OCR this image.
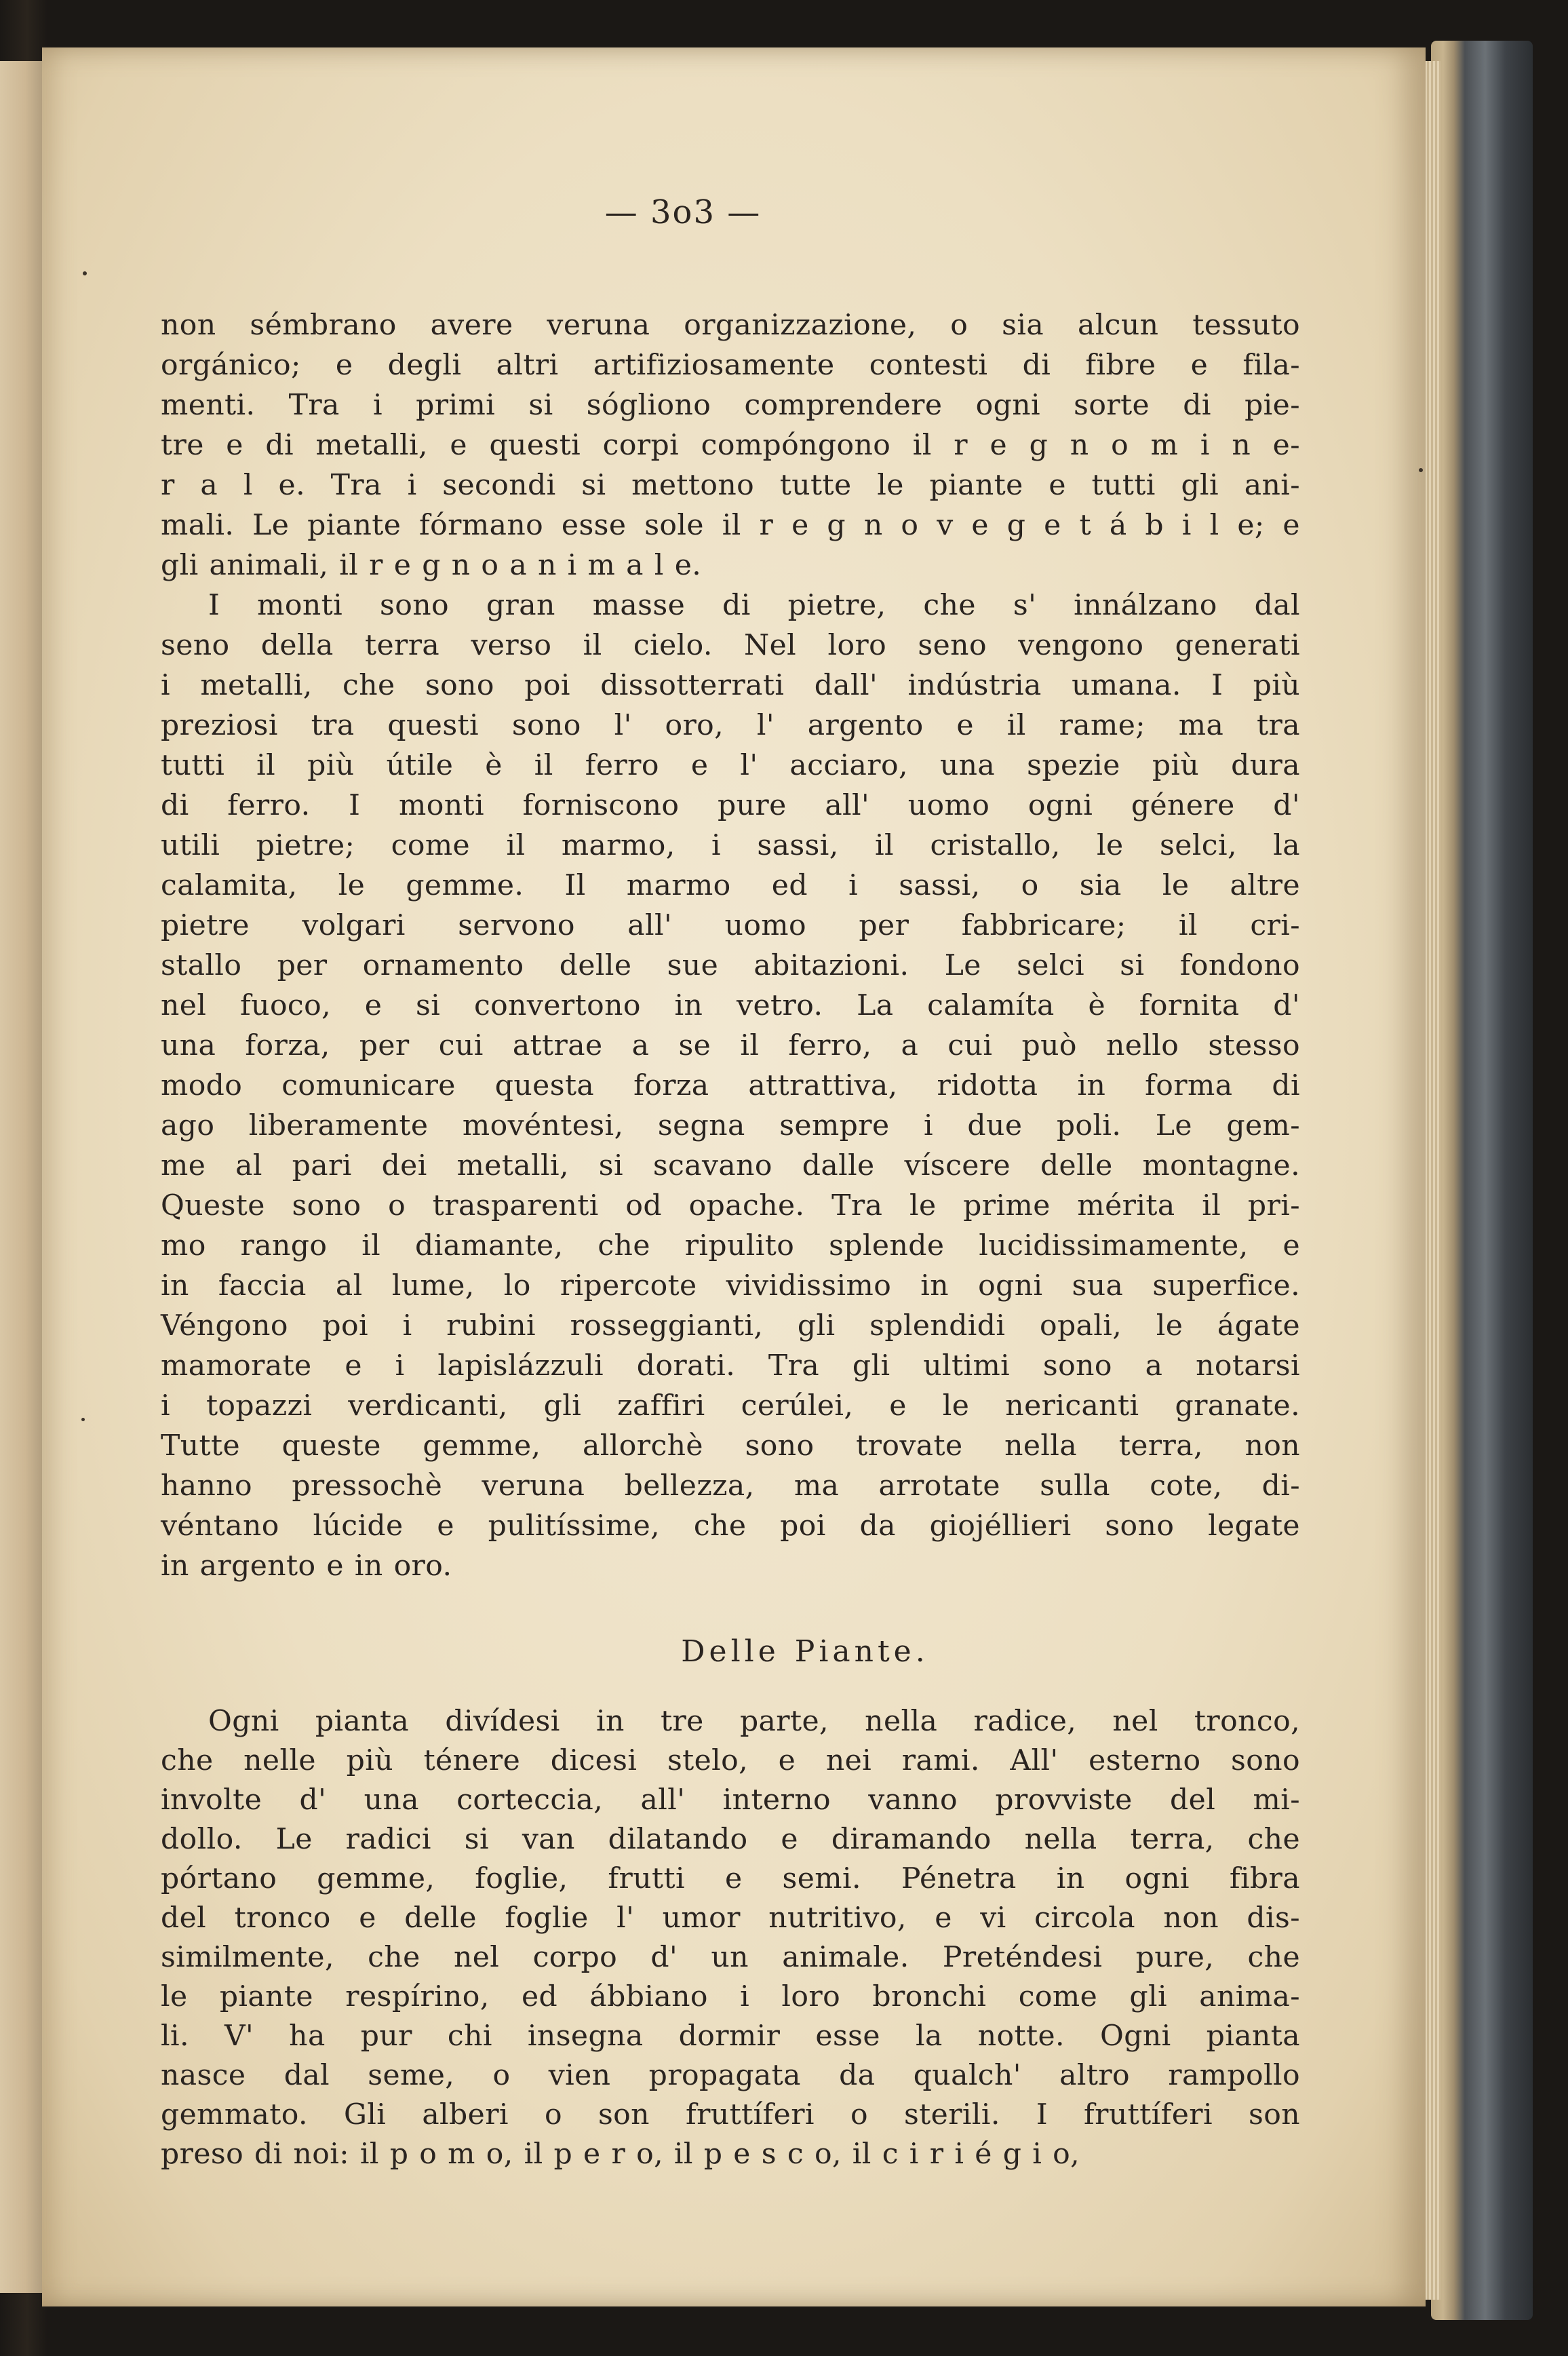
— 3o3 —
non sémbrano avere veruna organizzazione, o sia alcun tessuto
orgánico; e degli altri artifiziosamente contesti di fibre e fila-
menti. Tra i primi si sógliono comprendere ogni sorte di pie-
tre e di metalli, e questi corpi compóngono il r e g n o m i n e-
r a l e. Tra i secondi si mettono tutte le piante e tutti gli ani-
mali. Le piante fórmano esse sole il r e g n o v e g e t á b i l e; e
gli animali, il r e g n o a n i m a l e.
I monti sono gran masse di pietre, che s' innálzano dal
seno della terra verso il cielo. Nel loro seno vengono generati
i metalli, che sono poi dissotterrati dall' indústria umana. I più
preziosi tra questi sono l' oro, l' argento e il rame; ma tra
tutti il più útile è il ferro e l' acciaro, una spezie più dura
di ferro. I monti forniscono pure all' uomo ogni génere d'
utili pietre; come il marmo, i sassi, il cristallo, le selci, la
calamita, le gemme. Il marmo ed i sassi, o sia le altre
pietre volgari servono all' uomo per fabbricare; il cri-
stallo per ornamento delle sue abitazioni. Le selci si fondono
nel fuoco, e si convertono in vetro. La calamíta è fornita d'
una forza, per cui attrae a se il ferro, a cui può nello stesso
modo comunicare questa forza attrattiva, ridotta in forma di
ago liberamente movéntesi, segna sempre i due poli. Le gem-
me al pari dei metalli, si scavano dalle víscere delle montagne.
Queste sono o trasparenti od opache. Tra le prime mérita il pri-
mo rango il diamante, che ripulito splende lucidissimamente, e
in faccia al lume, lo ripercote vividissimo in ogni sua superfice.
Véngono poi i rubini rosseggianti, gli splendidi opali, le ágate
mamorate e i lapislázzuli dorati. Tra gli ultimi sono a notarsi
i topazzi verdicanti, gli zaffiri cerúlei, e le nericanti granate.
Tutte queste gemme, allorchè sono trovate nella terra, non
hanno pressochè veruna bellezza, ma arrotate sulla cote, di-
véntano lúcide e pulitíssime, che poi da giojéllieri sono legate
in argento e in oro.
Delle Piante.
Ogni pianta divídesi in tre parte, nella radice, nel tronco,
che nelle più ténere dicesi stelo, e nei rami. All' esterno sono
involte d' una corteccia, all' interno vanno provviste del mi-
dollo. Le radici si van dilatando e diramando nella terra, che
pórtano gemme, foglie, frutti e semi. Pénetra in ogni fibra
del tronco e delle foglie l' umor nutritivo, e vi circola non dis-
similmente, che nel corpo d' un animale. Preténdesi pure, che
le piante respírino, ed ábbiano i loro bronchi come gli anima-
li. V' ha pur chi insegna dormir esse la notte. Ogni pianta
nasce dal seme, o vien propagata da qualch' altro rampollo
gemmato. Gli alberi o son fruttíferi o sterili. I fruttíferi son
preso di noi: il p o m o, il p e r o, il p e s c o, il c i r i é g i o,
